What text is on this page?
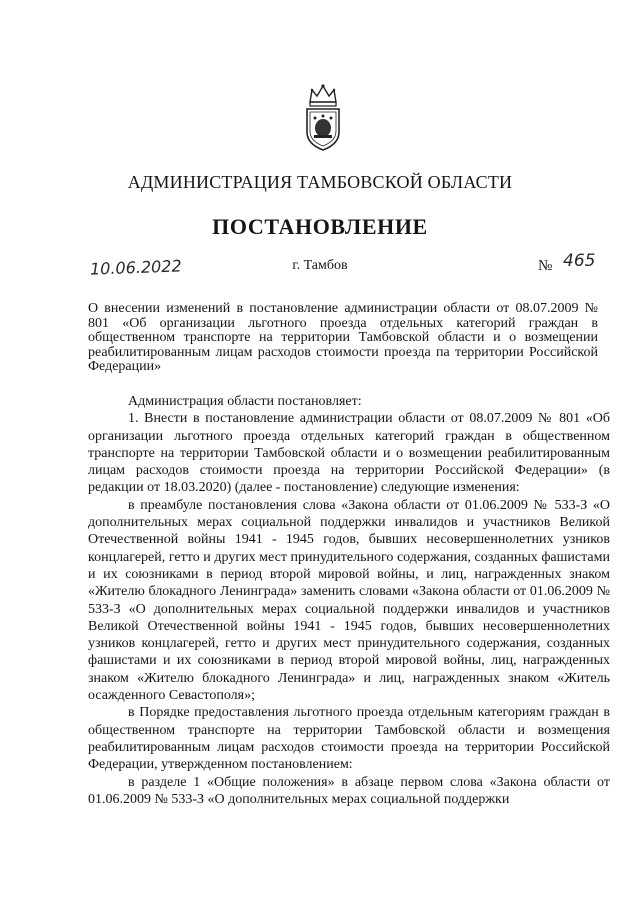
АДМИНИСТРАЦИЯ ТАМБОВСКОЙ ОБЛАСТИ
ПОСТАНОВЛЕНИЕ
10.06.2022	г. Тамбов	№ 465
О внесении изменений в постановление администрации области от 08.07.2009 № 801 «Об организации льготного проезда отдельных категорий граждан в общественном транспорте на территории Тамбовской области и о возмещении реабилитированным лицам расходов стоимости проезда па территории Российской Федерации»

Администрация области постановляет:

1. Внести в постановление администрации области от 08.07.2009 № 801 «Об организации льготного проезда отдельных категорий граждан в общественном транспорте на территории Тамбовской области и о возмещении реабилитированным лицам расходов стоимости проезда на территории Российской Федерации» (в редакции от 18.03.2020) (далее - постановление) следующие изменения:

в преамбуле постановления слова «Закона области от 01.06.2009 № 533-З «О дополнительных мерах социальной поддержки инвалидов и участников Великой Отечественной войны 1941 - 1945 годов, бывших несовершеннолетних узников концлагерей, гетто и других мест принудительного содержания, созданных фашистами и их союзниками в период второй мировой войны, и лиц, награжденных знаком «Жителю блокадного Ленинграда» заменить словами «Закона области от 01.06.2009 № 533-З «О дополнительных мерах социальной поддержки инвалидов и участников Великой Отечественной войны 1941 - 1945 годов, бывших несовершеннолетних узников концлагерей, гетто и других мест принудительного содержания, созданных фашистами и их союзниками в период второй мировой войны, лиц, награжденных знаком «Жителю блокадного Ленинграда» и лиц, награжденных знаком «Житель осажденного Севастополя»;

в Порядке предоставления льготного проезда отдельным категориям граждан в общественном транспорте на территории Тамбовской области и возмещения реабилитированным лицам расходов стоимости проезда на территории Российской Федерации, утвержденном постановлением:

в разделе 1 «Общие положения» в абзаце первом слова «Закона области от 01.06.2009 № 533-З «О дополнительных мерах социальной поддержки
